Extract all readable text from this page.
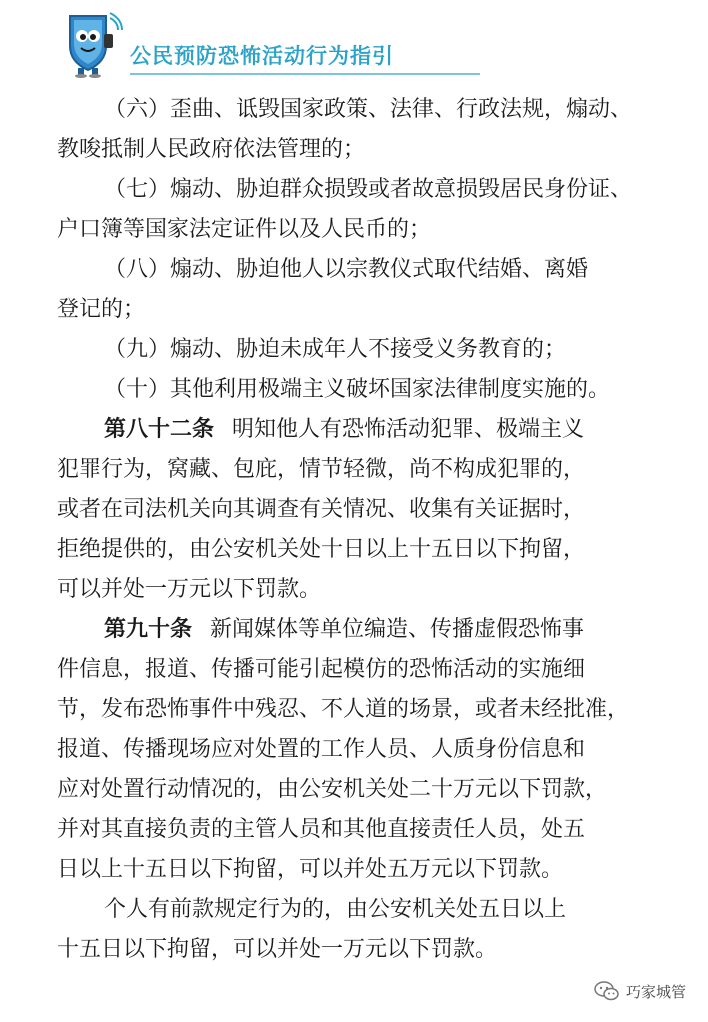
公民预防恐怖活动行为指引
（六）歪曲、诋毁国家政策、法律、行政法规，煽动、
教唆抵制人民政府依法管理的；
（七）煽动、胁迫群众损毁或者故意损毁居民身份证、
户口簿等国家法定证件以及人民币的；
（八）煽动、胁迫他人以宗教仪式取代结婚、离婚
登记的；
（九）煽动、胁迫未成年人不接受义务教育的；
（十）其他利用极端主义破坏国家法律制度实施的。
第八十二条 明知他人有恐怖活动犯罪、极端主义
犯罪行为，窝藏、包庇，情节轻微，尚不构成犯罪的，
或者在司法机关向其调查有关情况、收集有关证据时，
拒绝提供的，由公安机关处十日以上十五日以下拘留，
可以并处一万元以下罚款。
第九十条 新闻媒体等单位编造、传播虚假恐怖事
件信息，报道、传播可能引起模仿的恐怖活动的实施细
节，发布恐怖事件中残忍、不人道的场景，或者未经批准，
报道、传播现场应对处置的工作人员、人质身份信息和
应对处置行动情况的，由公安机关处二十万元以下罚款，
并对其直接负责的主管人员和其他直接责任人员，处五
日以上十五日以下拘留，可以并处五万元以下罚款。
个人有前款规定行为的，由公安机关处五日以上
十五日以下拘留，可以并处一万元以下罚款。
巧家城管
